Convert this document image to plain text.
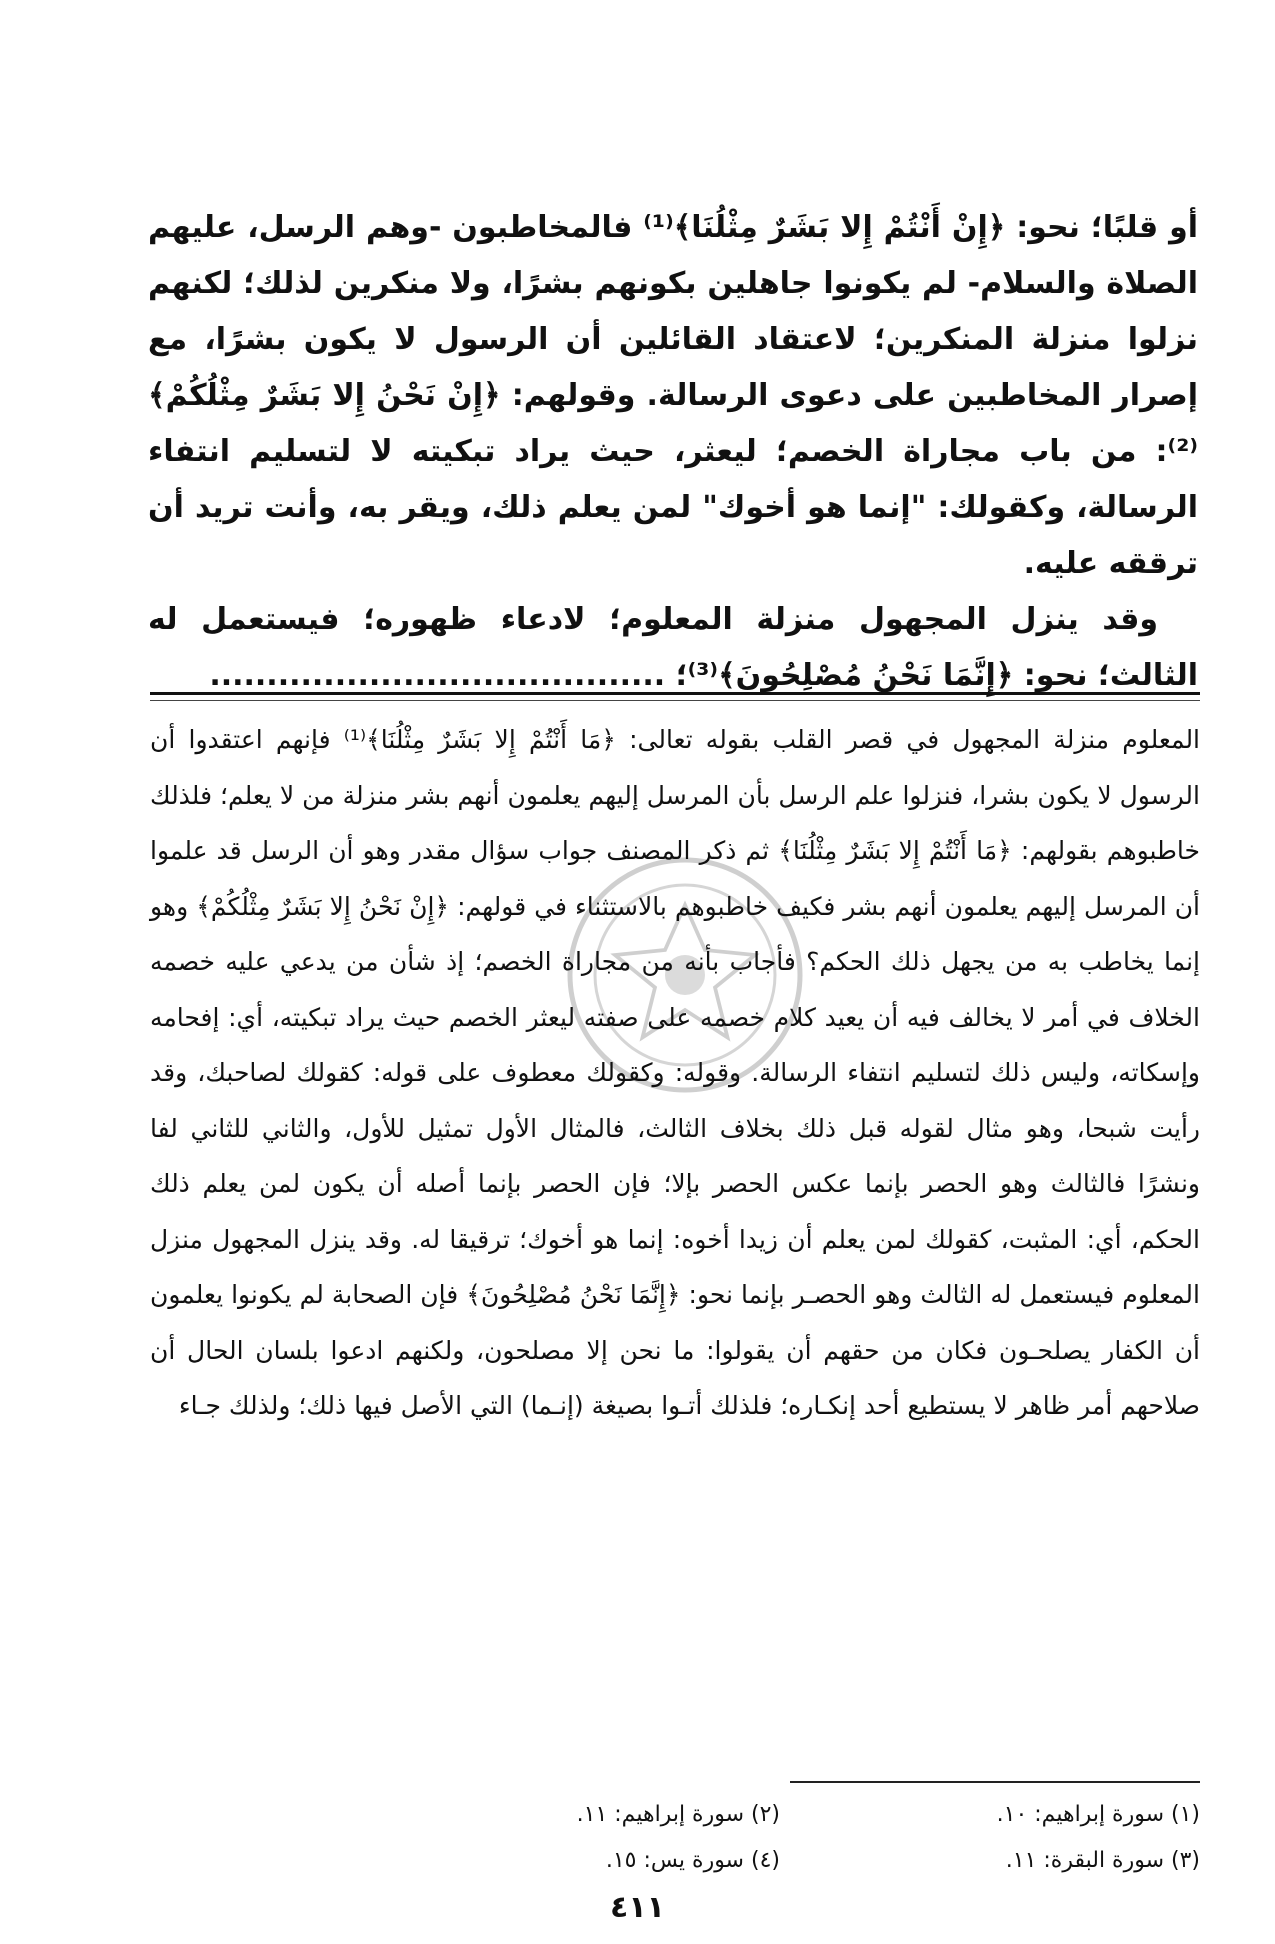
أو قلبًا؛ نحو: ﴿إِنْ أَنْتُمْ إِلا بَشَرٌ مِثْلُنَا﴾⁽¹⁾ فالمخاطبون -وهم الرسل، عليهم الصلاة والسلام- لم يكونوا جاهلين بكونهم بشرًا، ولا منكرين لذلك؛ لكنهم نزلوا منزلة المنكرين؛ لاعتقاد القائلين أن الرسول لا يكون بشرًا، مع إصرار المخاطبين على دعوى الرسالة. وقولهم: ﴿إِنْ نَحْنُ إِلا بَشَرٌ مِثْلُكُمْ﴾⁽²⁾: من باب مجاراة الخصم؛ ليعثر، حيث يراد تبكيته لا لتسليم انتفاء الرسالة، وكقولك: "إنما هو أخوك" لمن يعلم ذلك، ويقر به، وأنت تريد أن ترققه عليه.

وقد ينزل المجهول منزلة المعلوم؛ لادعاء ظهوره؛ فيستعمل له الثالث؛ نحو: ﴿إِنَّمَا نَحْنُ مُصْلِحُونَ﴾⁽³⁾؛ ........................................

المعلوم منزلة المجهول في قصر القلب بقوله تعالى: ﴿مَا أَنْتُمْ إِلا بَشَرٌ مِثْلُنَا﴾⁽¹⁾ فإنهم اعتقدوا أن الرسول لا يكون بشرا، فنزلوا علم الرسل بأن المرسل إليهم يعلمون أنهم بشر منزلة من لا يعلم؛ فلذلك خاطبوهم بقولهم: ﴿مَا أَنْتُمْ إِلا بَشَرٌ مِثْلُنَا﴾ ثم ذكر المصنف جواب سؤال مقدر وهو أن الرسل قد علموا أن المرسل إليهم يعلمون أنهم بشر فكيف خاطبوهم بالاستثناء في قولهم: ﴿إِنْ نَحْنُ إِلا بَشَرٌ مِثْلُكُمْ﴾ وهو إنما يخاطب به من يجهل ذلك الحكم؟ فأجاب بأنه من مجاراة الخصم؛ إذ شأن من يدعي عليه خصمه الخلاف في أمر لا يخالف فيه أن يعيد كلام خصمه على صفته ليعثر الخصم حيث يراد تبكيته، أي: إفحامه وإسكاته، وليس ذلك لتسليم انتفاء الرسالة. وقوله: وكقولك معطوف على قوله: كقولك لصاحبك، وقد رأيت شبحا، وهو مثال لقوله قبل ذلك بخلاف الثالث، فالمثال الأول تمثيل للأول، والثاني للثاني لفا ونشرًا فالثالث وهو الحصر بإنما عكس الحصر بإلا؛ فإن الحصر بإنما أصله أن يكون لمن يعلم ذلك الحكم، أي: المثبت، كقولك لمن يعلم أن زيدا أخوه: إنما هو أخوك؛ ترقيقا له. وقد ينزل المجهول منزل المعلوم فيستعمل له الثالث وهو الحصـر بإنما نحو: ﴿إِنَّمَا نَحْنُ مُصْلِحُونَ﴾ فإن الصحابة لم يكونوا يعلمون أن الكفار يصلحـون فكان من حقهم أن يقولوا: ما نحن إلا مصلحون، ولكنهم ادعوا بلسان الحال أن صلاحهم أمر ظاهر لا يستطيع أحد إنكـاره؛ فلذلك أتـوا بصيغة (إنـما) التي الأصل فيها ذلك؛ ولذلك جـاء

(١) سورة إبراهيم: ١٠.
(٢) سورة إبراهيم: ١١.
(٣) سورة البقرة: ١١.
(٤) سورة يس: ١٥.
٤١١
